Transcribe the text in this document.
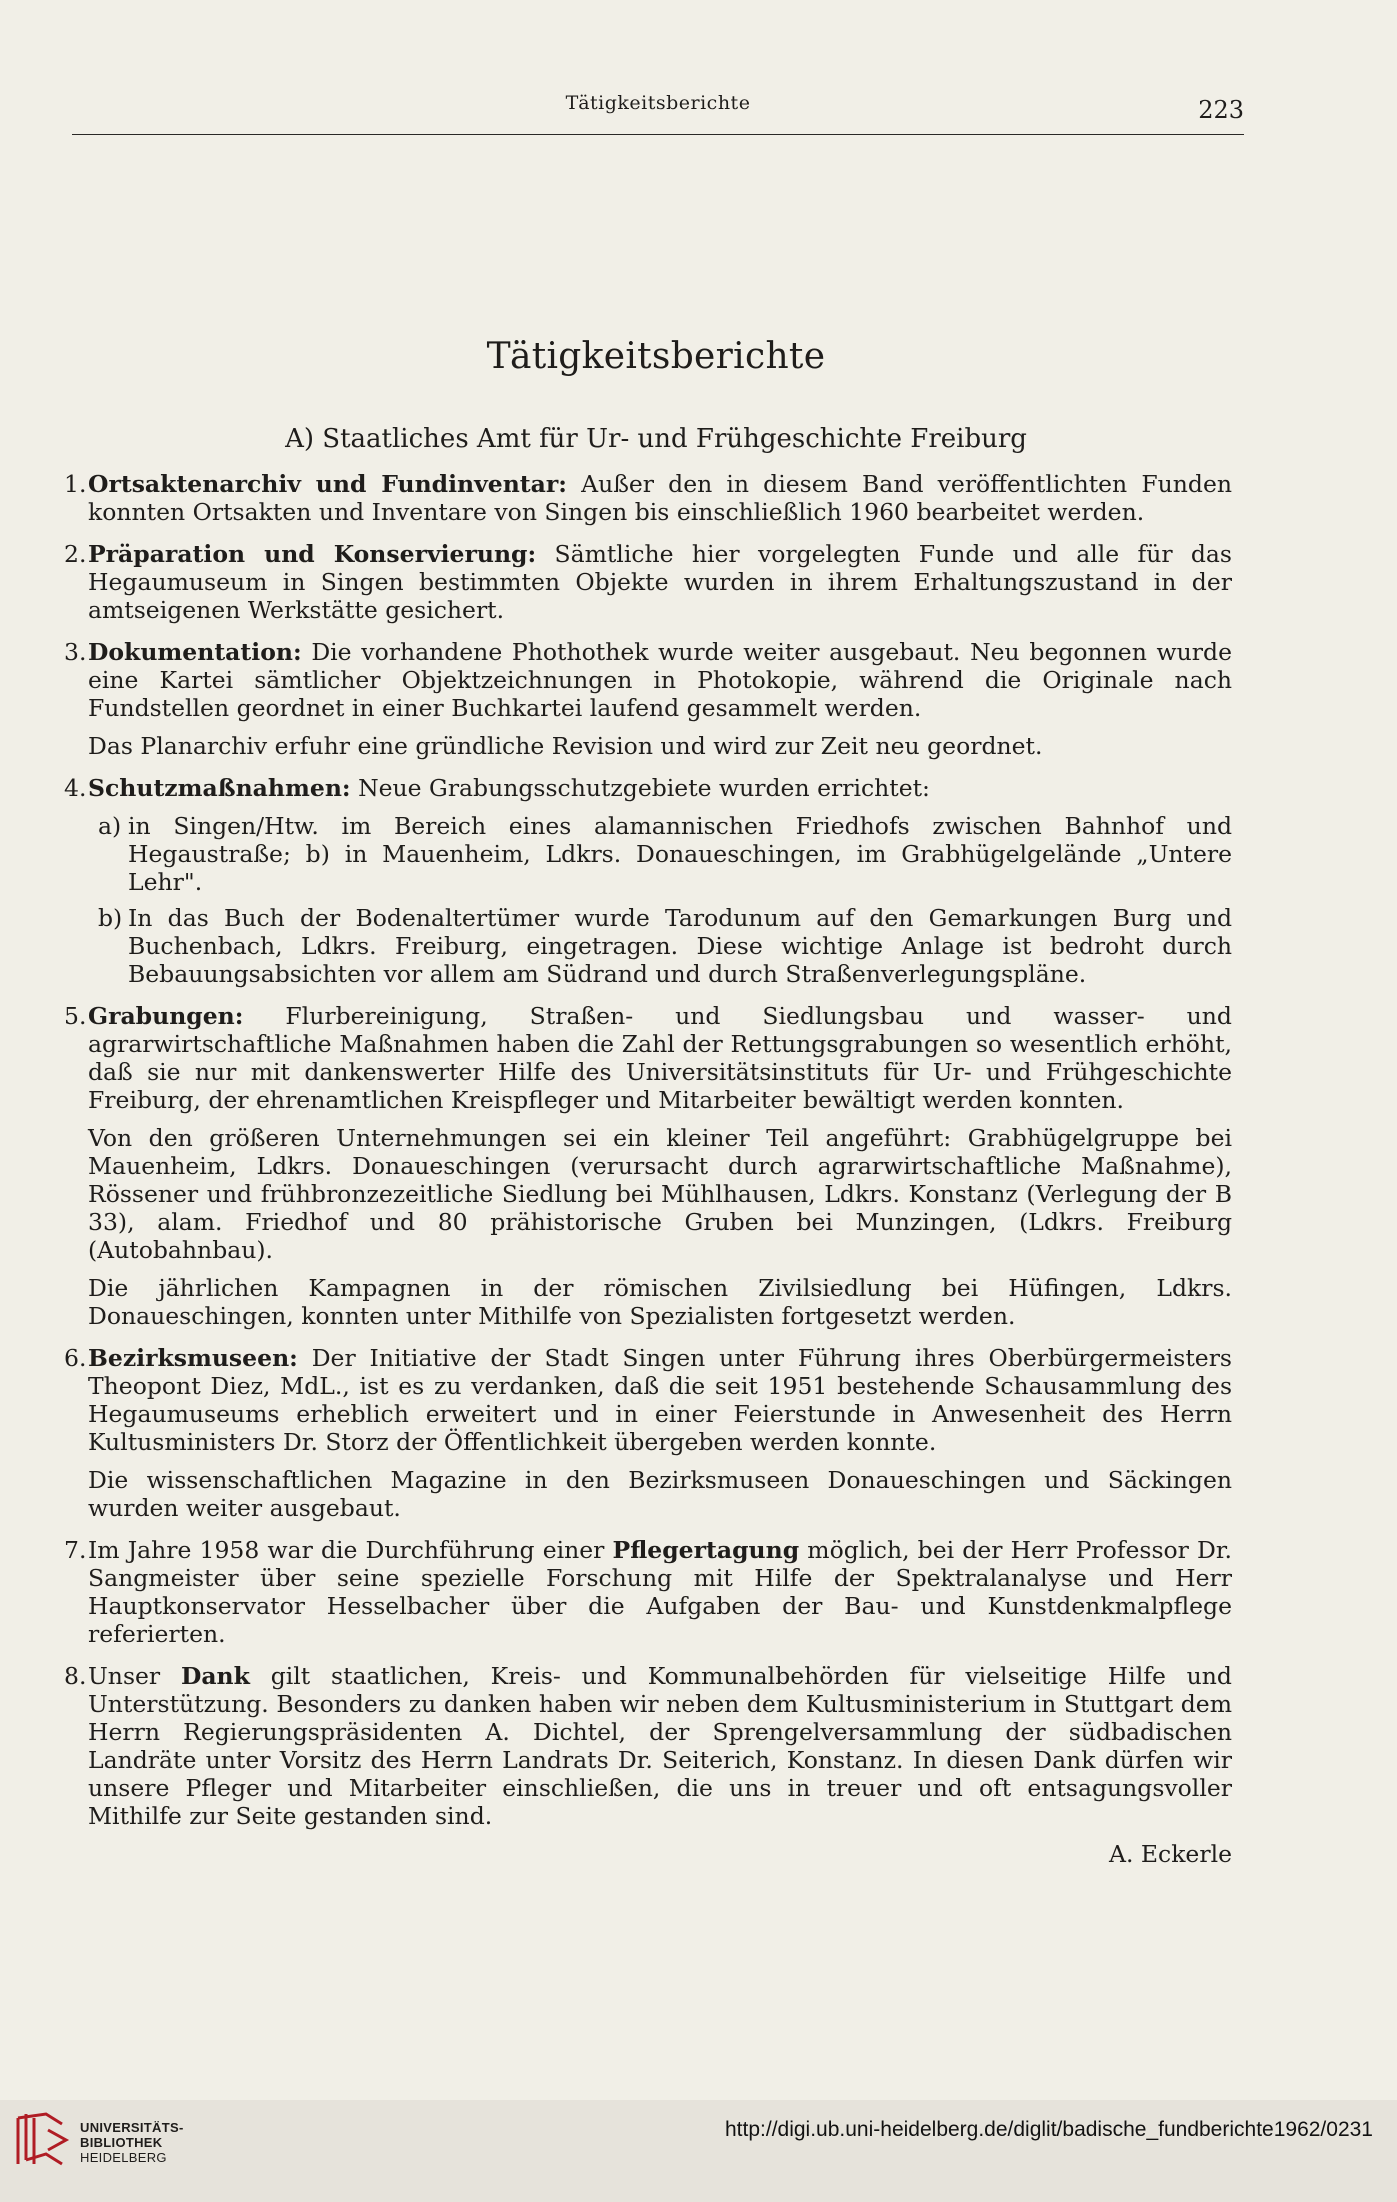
Tätigkeitsberichte	223
Tätigkeitsberichte
A) Staatliches Amt für Ur- und Frühgeschichte Freiburg
1. Ortsaktenarchiv und Fundinventar: Außer den in diesem Band veröffentlichten Funden konnten Ortsakten und Inventare von Singen bis einschließlich 1960 bearbeitet werden.

2. Präparation und Konservierung: Sämtliche hier vorgelegten Funde und alle für das Hegaumuseum in Singen bestimmten Objekte wurden in ihrem Erhaltungszustand in der amtseigenen Werkstätte gesichert.

3. Dokumentation: Die vorhandene Phothothek wurde weiter ausgebaut. Neu begonnen wurde eine Kartei sämtlicher Objektzeichnungen in Photokopie, während die Originale nach Fundstellen geordnet in einer Buchkartei laufend gesammelt werden.

Das Planarchiv erfuhr eine gründliche Revision und wird zur Zeit neu geordnet.

4. Schutzmaßnahmen: Neue Grabungsschutzgebiete wurden errichtet:

a) in Singen/Htw. im Bereich eines alamannischen Friedhofs zwischen Bahnhof und Hegaustraße; b) in Mauenheim, Ldkrs. Donaueschingen, im Grabhügelgelände „Untere Lehr".
b) In das Buch der Bodenaltertümer wurde Tarodunum auf den Gemarkungen Burg und Buchenbach, Ldkrs. Freiburg, eingetragen. Diese wichtige Anlage ist bedroht durch Bebauungsabsichten vor allem am Südrand und durch Straßenverlegungspläne.
5. Grabungen: Flurbereinigung, Straßen- und Siedlungsbau und wasser- und agrarwirtschaftliche Maßnahmen haben die Zahl der Rettungsgrabungen so wesentlich erhöht, daß sie nur mit dankenswerter Hilfe des Universitätsinstituts für Ur- und Frühgeschichte Freiburg, der ehrenamtlichen Kreispfleger und Mitarbeiter bewältigt werden konnten.

Von den größeren Unternehmungen sei ein kleiner Teil angeführt: Grabhügelgruppe bei Mauenheim, Ldkrs. Donaueschingen (verursacht durch agrarwirtschaftliche Maßnahme), Rössener und frühbronzezeitliche Siedlung bei Mühlhausen, Ldkrs. Konstanz (Verlegung der B 33), alam. Friedhof und 80 prähistorische Gruben bei Munzingen, (Ldkrs. Freiburg (Autobahnbau).

Die jährlichen Kampagnen in der römischen Zivilsiedlung bei Hüfingen, Ldkrs. Donaueschingen, konnten unter Mithilfe von Spezialisten fortgesetzt werden.

6. Bezirksmuseen: Der Initiative der Stadt Singen unter Führung ihres Oberbürgermeisters Theopont Diez, MdL., ist es zu verdanken, daß die seit 1951 bestehende Schausammlung des Hegaumuseums erheblich erweitert und in einer Feierstunde in Anwesenheit des Herrn Kultusministers Dr. Storz der Öffentlichkeit übergeben werden konnte.

Die wissenschaftlichen Magazine in den Bezirksmuseen Donaueschingen und Säckingen wurden weiter ausgebaut.

7. Im Jahre 1958 war die Durchführung einer Pflegertagung möglich, bei der Herr Professor Dr. Sangmeister über seine spezielle Forschung mit Hilfe der Spektralanalyse und Herr Hauptkonservator Hesselbacher über die Aufgaben der Bau- und Kunstdenkmalpflege referierten.

8. Unser Dank gilt staatlichen, Kreis- und Kommunalbehörden für vielseitige Hilfe und Unterstützung. Besonders zu danken haben wir neben dem Kultusministerium in Stuttgart dem Herrn Regierungspräsidenten A. Dichtel, der Sprengelversammlung der südbadischen Landräte unter Vorsitz des Herrn Landrats Dr. Seiterich, Konstanz. In diesen Dank dürfen wir unsere Pfleger und Mitarbeiter einschließen, die uns in treuer und oft entsagungsvoller Mithilfe zur Seite gestanden sind.

A. Eckerle
UNIVERSITÄTS-
BIBLIOTHEK
HEIDELBERG
http://digi.ub.uni-heidelberg.de/diglit/badische_fundberichte1962/0231
